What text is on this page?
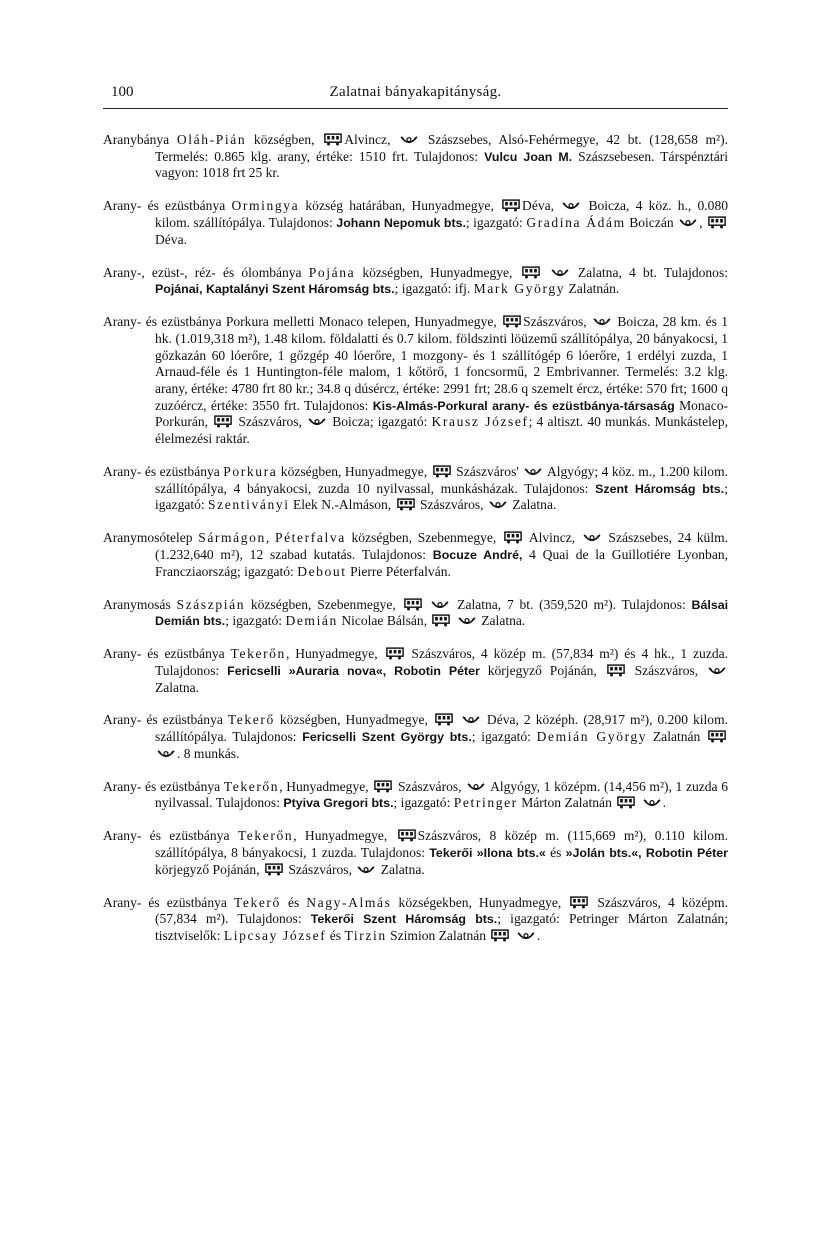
100	Zalatnai bányakapitányság.

Aranybánya Oláh-Pián községben, Alvincz,	Szászsebes, Alsó-Fehérmegye, 42 bt. (128,658 m²). Termelés: 0.865 klg. arany, értéke: 1510 frt. Tulajdonos: Vulcu Joan M. Szászsebesen. Társpénztári vagyon: 1018 frt 25 kr.

Arany- és ezüstbánya Ormingya község határában, Hunyadmegye, Déva,	Boicza, 4 köz. h., 0.080 kilom. szállítópálya. Tulajdonos: Johann Nepomuk bts.; igazgató: Gradina Ádám Boiczán , Déva.

Arany-, ezüst-, réz- és ólombánya Pojána községben, Hunyadmegye,	Zalatna, 4 bt. Tulajdonos: Pojánai, Kaptalányi Szent Háromság bts.; igazgató: ifj. Mark György Zalatnán.

Arany- és ezüstbánya Porkura melletti Monaco telepen, Hunyadmegye, Szászváros, Boicza, 28 km. és 1 hk. (1.019,318 m²), 1.48 kilom. földalatti és 0.7 kilom. földszinti löüzemű szállítópálya, 20 bányakocsi, 1 gőzkazán 60 lóerőre, 1 gőzgép 40 lóerőre, 1 mozgony- és 1 szállítógép 6 lóerőre, 1 erdélyi zuzda, 1 Arnaud-féle és 1 Huntington-féle malom, 1 kőtörő, 1 foncsormű, 2 Embrivanner. Termelés: 3.2 klg. arany, értéke: 4780 frt 80 kr.; 34.8 q dúsércz, értéke: 2991 frt; 28.6 q szemelt ércz, értéke: 570 frt; 1600 q zuzóércz, értéke: 3550 frt. Tulajdonos: Kis-Almás-Porkural arany- és ezüstbánya-társaság Monaco-Porkurán, Szászváros, Boicza; igazgató: Krausz József; 4 altiszt. 40 munkás. Munkástelep, élelmezési raktár.

Arany- és ezüstbánya Porkura községben, Hunyadmegye, Szászváros' Algyógy; 4 köz. m., 1.200 kilom. szállítópálya, 4 bányakocsi, zuzda 10 nyilvassal, munkásházak. Tulajdonos: Szent Háromság bts.; igazgató: Szentiványi Elek N.-Almáson, Szászváros, Zalatna.

Aranymosótelep Sármágon, Péterfalva községben, Szebenmegye, Alvincz, Szászsebes, 24 külm. (1.232,640 m²), 12 szabad kutatás. Tulajdonos: Bocuze André, 4 Quai de la Guillotiére Lyonban, Francziaország; igazgató: Debout Pierre Péterfalván.

Aranymosás Szászpián községben, Szebenmegye,	Zalatna, 7 bt. (359,520 m²). Tulajdonos: Bálsai Demián bts.; igazgató: Demián Nicolae Bálsán,	Zalatna.

Arany- és ezüstbánya Tekerőn, Hunyadmegye, Szászváros, 4 közép m. (57,834 m²) és 4 hk., 1 zuzda. Tulajdonos: Fericselli »Auraria nova«, Robotin Péter körjegyző Pojánán,	Szászváros,  Zalatna.

Arany- és ezüstbánya Tekerő községben, Hunyadmegye,	Déva, 2 középh. (28,917 m²), 0.200 kilom. szállítópálya. Tulajdonos: Fericselli Szent György bts.; igazgató: Demián György Zalatnán  . 8 munkás.

Arany- és ezüstbánya Tekerőn, Hunyadmegye, Szászváros, Algyógy, 1 középm. (14,456 m²), 1 zuzda 6 nyilvassal. Tulajdonos: Ptyiva Gregori bts.; igazgató: Petringer Márton Zalatnán	.

Arany- és ezüstbánya Tekerőn, Hunyadmegye, Szászváros, 8 közép m. (115,669 m²), 0.110 kilom. szállítópálya, 8 bányakocsi, 1 zuzda. Tulajdonos: Tekerői »Ilona bts.« és »Jolán bts.«, Robotin Péter körjegyző Pojánán, Szászváros, Zalatna.

Arany- és ezüstbánya Tekerő és Nagy-Almás községekben, Hunyadmegye,	Szászváros, 4 középm. (57,834 m²). Tulajdonos: Tekerői Szent Háromság bts.; igazgató: Petringer Márton Zalatnán; tisztviselők: Lipcsay József és Tirzin Szimion Zalatnán	.
